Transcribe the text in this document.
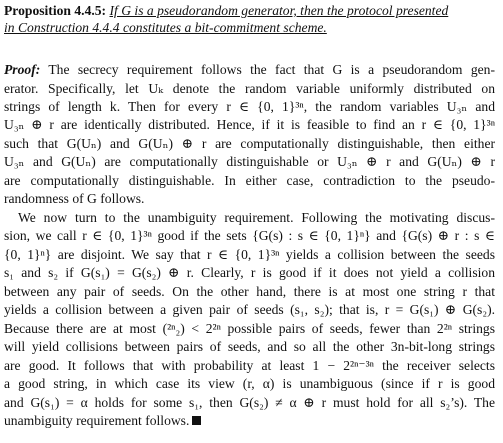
Proposition 4.4.5: If G is a pseudorandom generator, then the protocol presented
in Construction 4.4.4 constitutes a bit-commitment scheme.
Proof: The secrecy requirement follows the fact that G is a pseudorandom gen-
erator. Specifically, let Uₖ denote the random variable uniformly distributed on
strings of length k. Then for every r ∈ {0, 1}³ⁿ, the random variables U₃ₙ and
U₃ₙ ⊕ r are identically distributed. Hence, if it is feasible to find an r ∈ {0, 1}³ⁿ
such that G(Uₙ) and G(Uₙ) ⊕ r are computationally distinguishable, then either
U₃ₙ and G(Uₙ) are computationally distinguishable or U₃ₙ ⊕ r and G(Uₙ) ⊕ r
are computationally distinguishable. In either case, contradiction to the pseudo-
randomness of G follows.
We now turn to the unambiguity requirement. Following the motivating discus-
sion, we call r ∈ {0, 1}³ⁿ good if the sets {G(s) : s ∈ {0, 1}ⁿ} and {G(s) ⊕ r : s ∈
{0, 1}ⁿ} are disjoint. We say that r ∈ {0, 1}³ⁿ yields a collision between the seeds
s₁ and s₂ if G(s₁) = G(s₂) ⊕ r. Clearly, r is good if it does not yield a collision
between any pair of seeds. On the other hand, there is at most one string r that
yields a collision between a given pair of seeds (s₁, s₂); that is, r = G(s₁) ⊕ G(s₂).
Because there are at most (²ⁿ₂) < 2²ⁿ possible pairs of seeds, fewer than 2²ⁿ strings
will yield collisions between pairs of seeds, and so all the other 3n-bit-long strings
are good. It follows that with probability at least 1 − 2²ⁿ⁻³ⁿ the receiver selects
a good string, in which case its view (r, α) is unambiguous (since if r is good
and G(s₁) = α holds for some s₁, then G(s₂) ≠ α ⊕ r must hold for all s₂’s). The
unambiguity requirement follows.
